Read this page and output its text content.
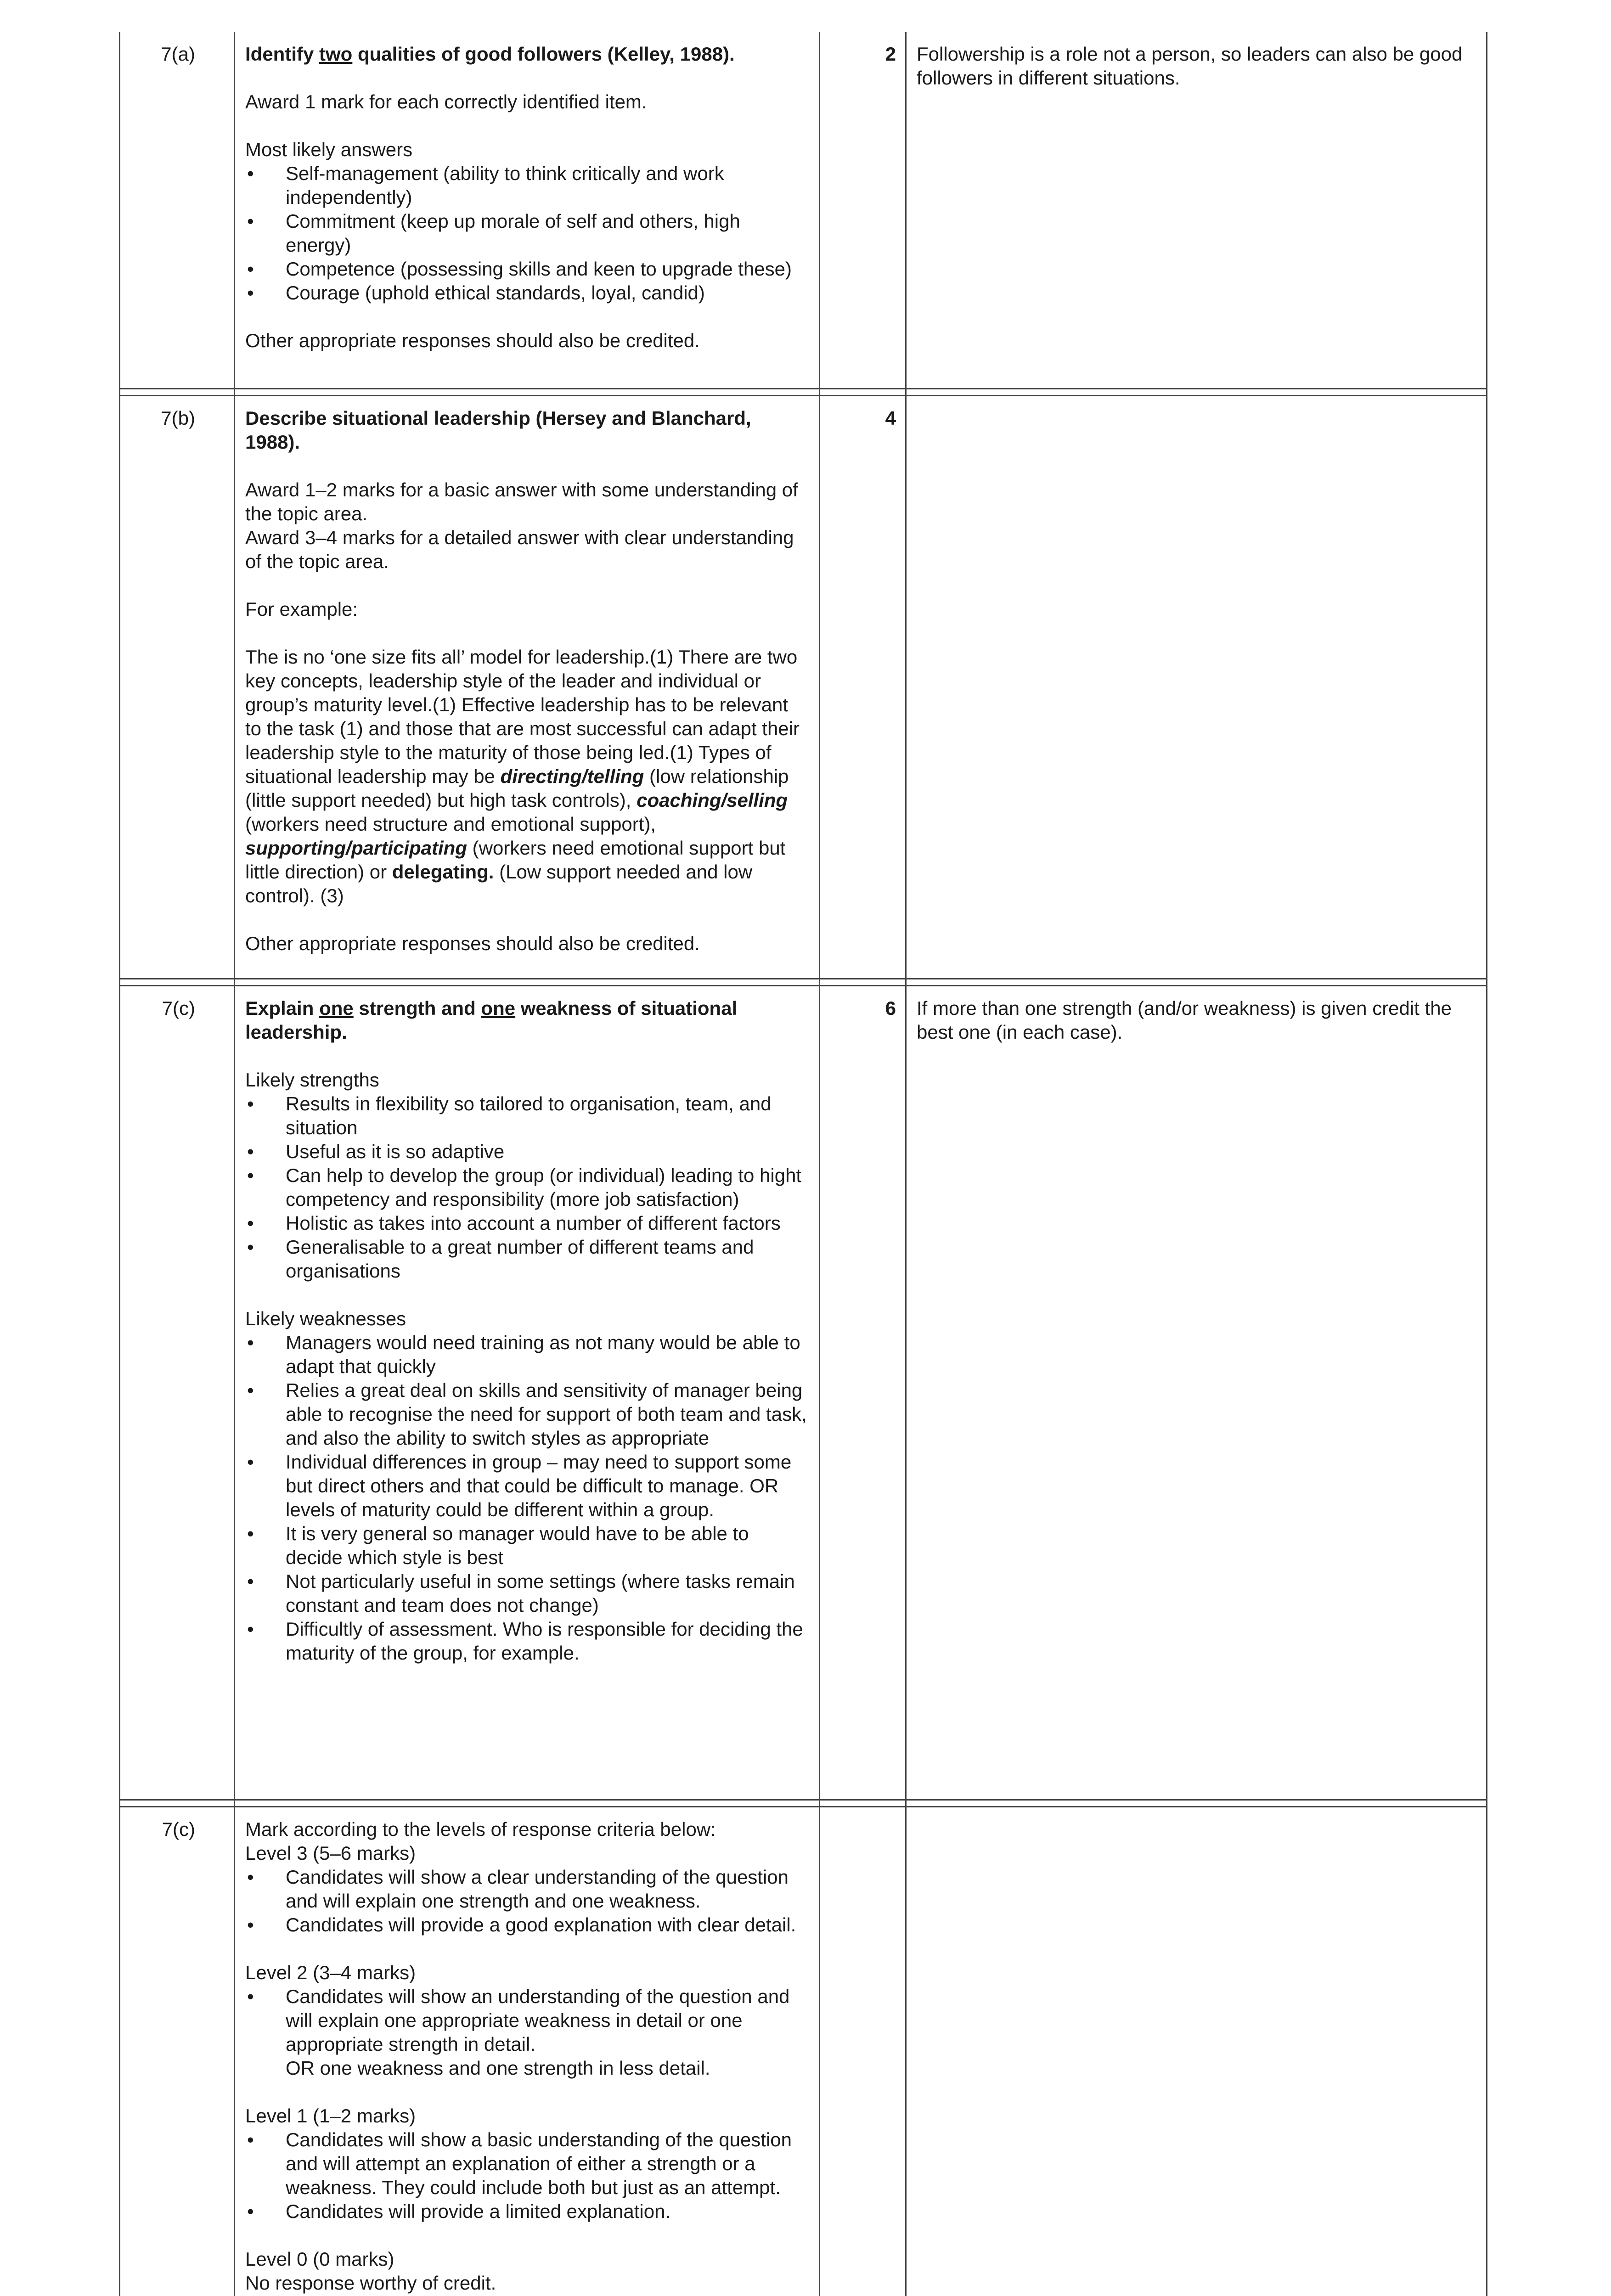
7(a)	Identify two qualities of good followers (Kelley, 1988).

Award 1 mark for each correctly identified item.

Most likely answers

• Self-management (ability to think critically and work independently)
• Commitment (keep up morale of self and others, high energy)
• Competence (possessing skills and keen to upgrade these)
• Courage (uphold ethical standards, loyal, candid)

Other appropriate responses should also be credited.

2	Followership is a role not a person, so leaders can also be good followers in different situations.
7(b)	Describe situational leadership (Hersey and Blanchard, 1988).

Award 1–2 marks for a basic answer with some understanding of the topic area.

Award 3–4 marks for a detailed answer with clear understanding of the topic area.

For example:

The is no ‘one size fits all’ model for leadership.(1) There are two key concepts, leadership style of the leader and individual or group’s maturity level.(1) Effective leadership has to be relevant to the task (1) and those that are most successful can adapt their leadership style to the maturity of those being led.(1) Types of situational leadership may be directing/telling (low relationship (little support needed) but high task controls), coaching/selling (workers need structure and emotional support), supporting/participating (workers need emotional support but little direction) or delegating. (Low support needed and low control). (3)

Other appropriate responses should also be credited.

4
7(c)	Explain one strength and one weakness of situational leadership.

Likely strengths

• Results in flexibility so tailored to organisation, team, and situation
• Useful as it is so adaptive
• Can help to develop the group (or individual) leading to hight competency and responsibility (more job satisfaction)
• Holistic as takes into account a number of different factors
• Generalisable to a great number of different teams and organisations

Likely weaknesses

• Managers would need training as not many would be able to adapt that quickly
• Relies a great deal on skills and sensitivity of manager being able to recognise the need for support of both team and task, and also the ability to switch styles as appropriate
• Individual differences in group – may need to support some but direct others and that could be difficult to manage. OR levels of maturity could be different within a group.
• It is very general so manager would have to be able to decide which style is best
• Not particularly useful in some settings (where tasks remain constant and team does not change)
• Difficultly of assessment. Who is responsible for deciding the maturity of the group, for example.
6	If more than one strength (and/or weakness) is given credit the best one (in each case).
7(c)	Mark according to the levels of response criteria below:

Level 3 (5–6 marks)

• Candidates will show a clear understanding of the question and will explain one strength and one weakness.
• Candidates will provide a good explanation with clear detail.

Level 2 (3–4 marks)

• Candidates will show an understanding of the question and will explain one appropriate weakness in detail or one appropriate strength in detail.
OR one weakness and one strength in less detail.

Level 1 (1–2 marks)

• Candidates will show a basic understanding of the question and will attempt an explanation of either a strength or a weakness. They could include both but just as an attempt.
• Candidates will provide a limited explanation.

Level 0 (0 marks)

No response worthy of credit.
